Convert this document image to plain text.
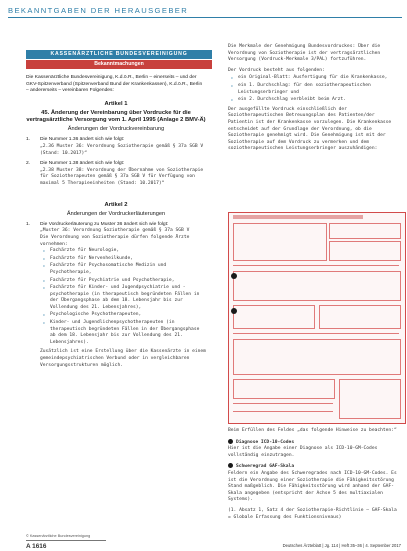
BEKANNTGABEN DER HERAUSGEBER
KASSENÄRZTLICHE BUNDESVEREINIGUNG
Bekanntmachungen

Die Kassenärztliche Bundesvereinigung, K.d.ö.R., Berlin – einerseits – und der GKV-Spitzenverband (Spitzenverband Bund der Krankenkassen), K.d.ö.R., Berlin – andererseits – vereinbaren Folgendes:

Artikel 1
45. Änderung der Vereinbarung über Vordrucke für die vertragsärztliche Versorgung vom 1. April 1995 (Anlage 2 BMV-Ä)
Änderungen der Vordruckvereinbarung
1.	Die Nummer 1.36 ändert sich wie folgt:
„2.36 Muster 36: Verordnung Soziotherapie gemäß § 37a SGB V (Stand: 10.2017)“
2.	Die Nummer 1.38 ändert sich wie folgt:
„2.38 Muster 38: Verordnung der Übernahme von Soziotherapie für Soziotherapeuten gemäß § 37a SGB V für Verfügung von maximal 5 Therapieeinheiten (Stand: 10.2017)“
Artikel 2
Änderungen der Vordruckerläuterungen
1.	Die Vordruckerläuterung zu Muster 36 ändert sich wie folgt:
„Muster 36: Verordnung Soziotherapie gemäß § 37a SGB V
Die Verordnung von Soziotherapie dürfen folgende Ärzte vornehmen:
▸ Fachärzte für Neurologie,
▸ Fachärzte für Nervenheilkunde,
▸ Fachärzte für Psychosomatische Medizin und Psychotherapie,
▸ Fachärzte für Psychiatrie und Psychotherapie,
▸ Fachärzte für Kinder- und Jugendpsychiatrie und -psychotherapie (in therapeutisch begründeten Fällen in der Übergangsphase ab dem 18. Lebensjahr bis zur Vollendung des 21. Lebensjahres),
▸ Psychologische Psychotherapeuten,
▸ Kinder- und Jugendlichenpsychotherapeuten (in therapeutisch begründeten Fällen in der Übergangsphase ab dem 18. Lebensjahr bis zur Vollendung des 21. Lebensjahres).
Zusätzlich ist eine Erstellung über die Kassenärzte in einem gemeindepsychiatrischen Verbund oder in vergleichbaren Versorgungsstrukturen möglich.

Die Merkmale der Genehmigung Bundesvordruckes: Über die Verordnung von Soziotherapie ist der vertragsärztlichen Versorgung (Vordruck-Merkmale 3/PAL) fortzuführen.

Der Vordruck besteht aus folgenden:

▸ ein Original-Blatt: Ausfertigung für die Krankenkasse,
▸ ein 1. Durchschlag: für den soziotherapeutischen Leistungserbringer und
▸ ein 2. Durchschlag verbleibt beim Arzt.

Der ausgefüllte Vordruck einschließlich der Soziotherapeutischen Betreuungsplan des Patienten/der Patientin ist der Krankenkasse vorzulegen. Die Krankenkasse entscheidet auf der Grundlage der Verordnung, ob die Soziotherapie genehmigt wird. Die Genehmigung ist mit der Soziotherapie auf dem Vordruck zu vermerken und dem soziotherapeutischen Leistungserbringer auszuhändigen:

Beim Erfüllen des Feldes „das folgende Hinweise zu beachten:“

Diagnose ICD-10-Codes

Hier ist die Angabe einer Diagnose als ICD-10-GM-Codes vollständig einzutragen.

Schweregrad GAF-Skala

Feldern ein Angabe des Schweregrades nach ICD-10-GM-Codes. Es ist die Verordnung einer Soziotherapie die Fähigkeitsstörung Stand maßgeblich. Die Fähigkeitsstörung wird anhand der GAF-Skala angegeben (entspricht der Achse 5 des multiaxialen Systems).

(1. Absatz 1, Satz 4 der Soziotherapie-Richtlinie – GAF-Skala = Globale Erfassung des Funktionsniveaus)

© Kassenärztliche Bundesvereinigung
A 1616	Deutsches Ärzteblatt | Jg. 114 | Heft 35–36 | 4. September 2017
